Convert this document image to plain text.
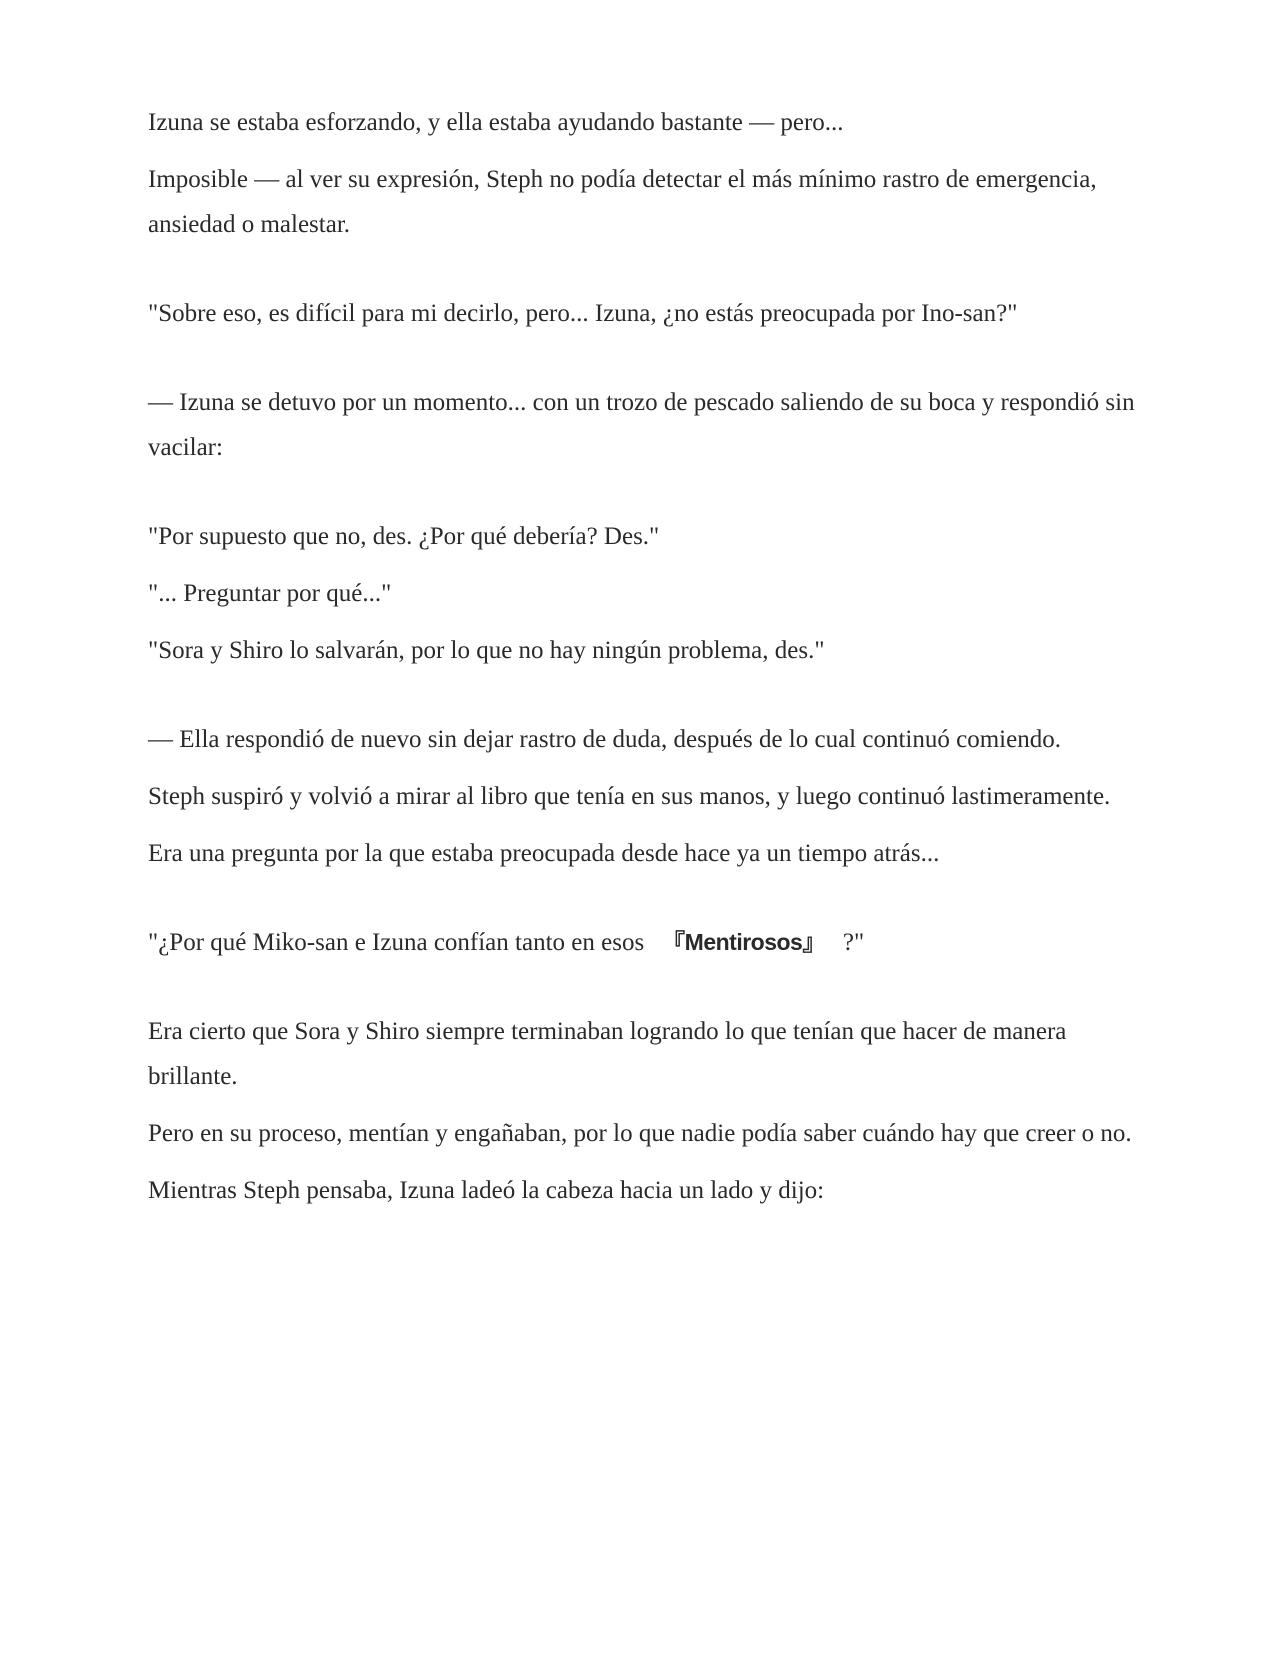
Izuna se estaba esforzando, y ella estaba ayudando bastante — pero...

Imposible — al ver su expresión, Steph no podía detectar el más mínimo rastro de emergencia, ansiedad o malestar.

"Sobre eso, es difícil para mi decirlo, pero... Izuna, ¿no estás preocupada por Ino-san?"

— Izuna se detuvo por un momento... con un trozo de pescado saliendo de su boca y respondió sin vacilar:

"Por supuesto que no, des. ¿Por qué debería? Des."

"... Preguntar por qué..."

"Sora y Shiro lo salvarán, por lo que no hay ningún problema, des."

— Ella respondió de nuevo sin dejar rastro de duda, después de lo cual continuó comiendo.

Steph suspiró y volvió a mirar al libro que tenía en sus manos, y luego continuó lastimeramente.

Era una pregunta por la que estaba preocupada desde hace ya un tiempo atrás...

"¿Por qué Miko-san e Izuna confían tanto en esos 『Mentirosos』 ?"

Era cierto que Sora y Shiro siempre terminaban logrando lo que tenían que hacer de manera brillante.

Pero en su proceso, mentían y engañaban, por lo que nadie podía saber cuándo hay que creer o no.

Mientras Steph pensaba, Izuna ladeó la cabeza hacia un lado y dijo:
